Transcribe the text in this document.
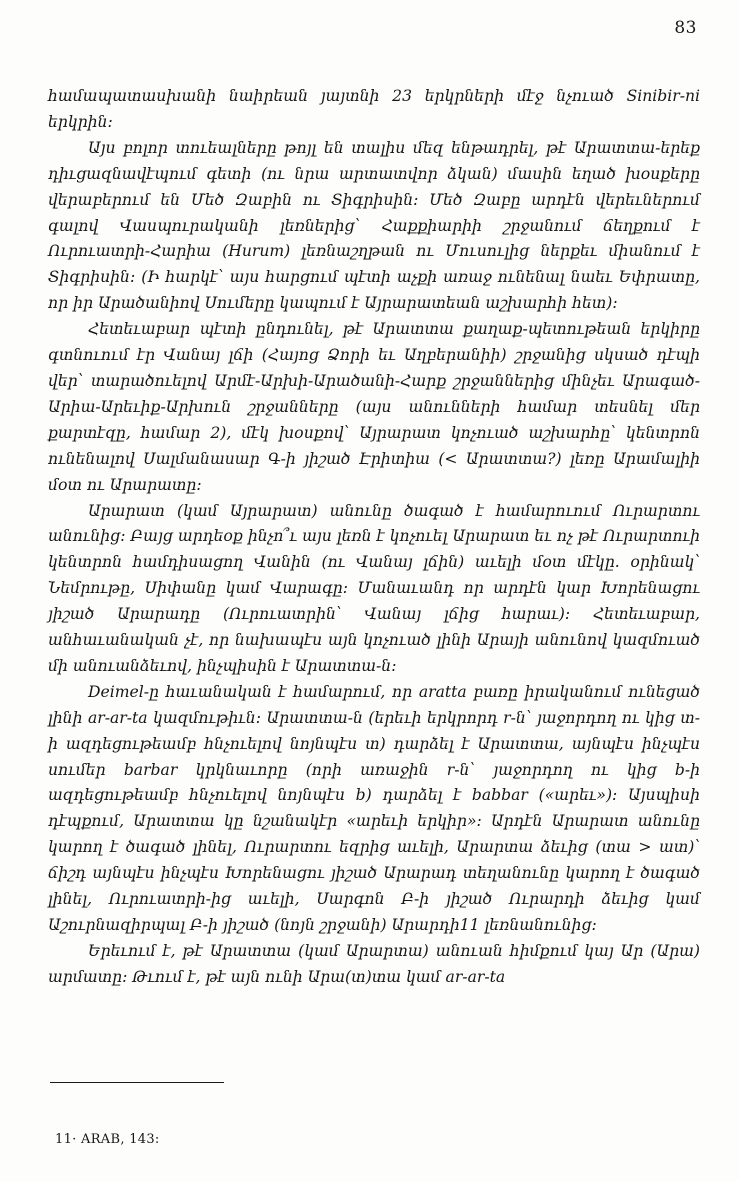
83

համապատասխանի նաիրեան յայտնի 23 երկրների մէջ նչուած Sinibir-ni երկրին:

Այս բոլոր տուեալները թոյլ են տալիս մեզ ենթադրել, թէ Արատտա-երեք դիւցազնավէպում գետի (ու նրա արտատվոր ձկան) մասին եղած խօսքերը վերաբերում են Մեծ Զաբին ու Տիգրիսին: Մեծ Զաբը արդէն վերեւներում գալով Վասպուրականի լեռներից՝ Հաքքիարիի շրջանում ճեղքում է Ուրուատրի-Հարիա (Hurum) լեռնաշղթան ու Մուսուլից ներքեւ միանում է Տիգրիսին: (Ի հարկէ՝ այս հարցում պէտի աչքի առաջ ունենալ նաեւ Եփրատը, որ իր Արածանիով Սումերը կապում է Այրարատեան աշխարհի հետ):

Հետեւաբար պէտի ընդունել, թէ Արատտա քաղաք-պետութեան երկիրը գտնուում էր Վանայ լճի (Հայոց Ձորի եւ Աղբերանիի) շրջանից սկսած դէպի վեր՝ տարածուելով Արմէ-Արխի-Արածանի-Հարք շրջաններից մինչեւ Արագած-Արիա-Արեւիք-Արխուն շրջանները (այս անունների համար տեսնել մեր քարտէզը, համար 2), մէկ խօսքով՝ Այրարատ կոչուած աշխարհը՝ կենտրոն ունենալով Սալմանասար Գ-ի յիշած Էրիտիա (< Արատտա?) լեռը Արամալիի մօտ ու Արարատը:

Արարատ (կամ Այրարատ) անունը ծագած է համարուում Ուրարտու անունից: Բայց արդեօք ինչո՞ւ այս լեռն է կոչուել Արարատ եւ ոչ թէ Ուրարտուի կենտրոն համդիսացող Վանին (ու Վանայ լճին) աւելի մօտ մէկը. օրինակ՝ Նեմրութը, Սիփանը կամ Վարագը: Մանաւանդ որ արդէն կար Խորենացու յիշած Արարադը (Ուրուատրին՝ Վանայ լճից հարաւ): Հետեւաբար, անհաւանական չէ, որ նախապէս այն կոչուած լինի Արայի անունով կազմուած մի անուանձեւով, ինչպիսին է Արատտա-ն:

Deimel-ը հաւանական է համարում, որ aratta բառը իրականում ունեցած լինի ar-ar-ta կազմութիւն: Արատտա-ն (երեւի երկրորդ r-ն՝ յաջորդող ու կից տ-ի ազդեցութեամբ հնչուելով նոյնպէս տ) դարձել է Արատտա, այնպէս ինչպէս սումեր barbar կրկնաւորը (որի առաջին r-ն՝ յաջորդող ու կից b-ի ազդեցութեամբ հնչուելով նոյնպէս b) դարձել է babbar («արեւ»): Այսպիսի դէպքում, Արատտա կը նշանակէր «արեւի երկիր»: Արդէն Արարատ անունը կարող է ծագած լինել, Ուրարտու եզրից աւելի, Արարտա ձեւից (տա > ատ)՝ ճիշդ այնպէս ինչպէս Խորենացու յիշած Արարադ տեղանունը կարող է ծագած լինել, Ուրուատրի-ից աւելի, Սարգոն Բ-ի յիշած Ուրարդի ձեւից կամ Աշուրնազիրպալ Բ-ի յիշած (նոյն շրջանի) Արարդի11 լեռնանունից:

Երեւում է, թէ Արատտա (կամ Արարտա) անուան հիմքում կայ Ար (Արա) արմատը: Թւում է, թէ այն ունի Արա(տ)տա կամ ar-ar-ta

11· ARAB, 143:
